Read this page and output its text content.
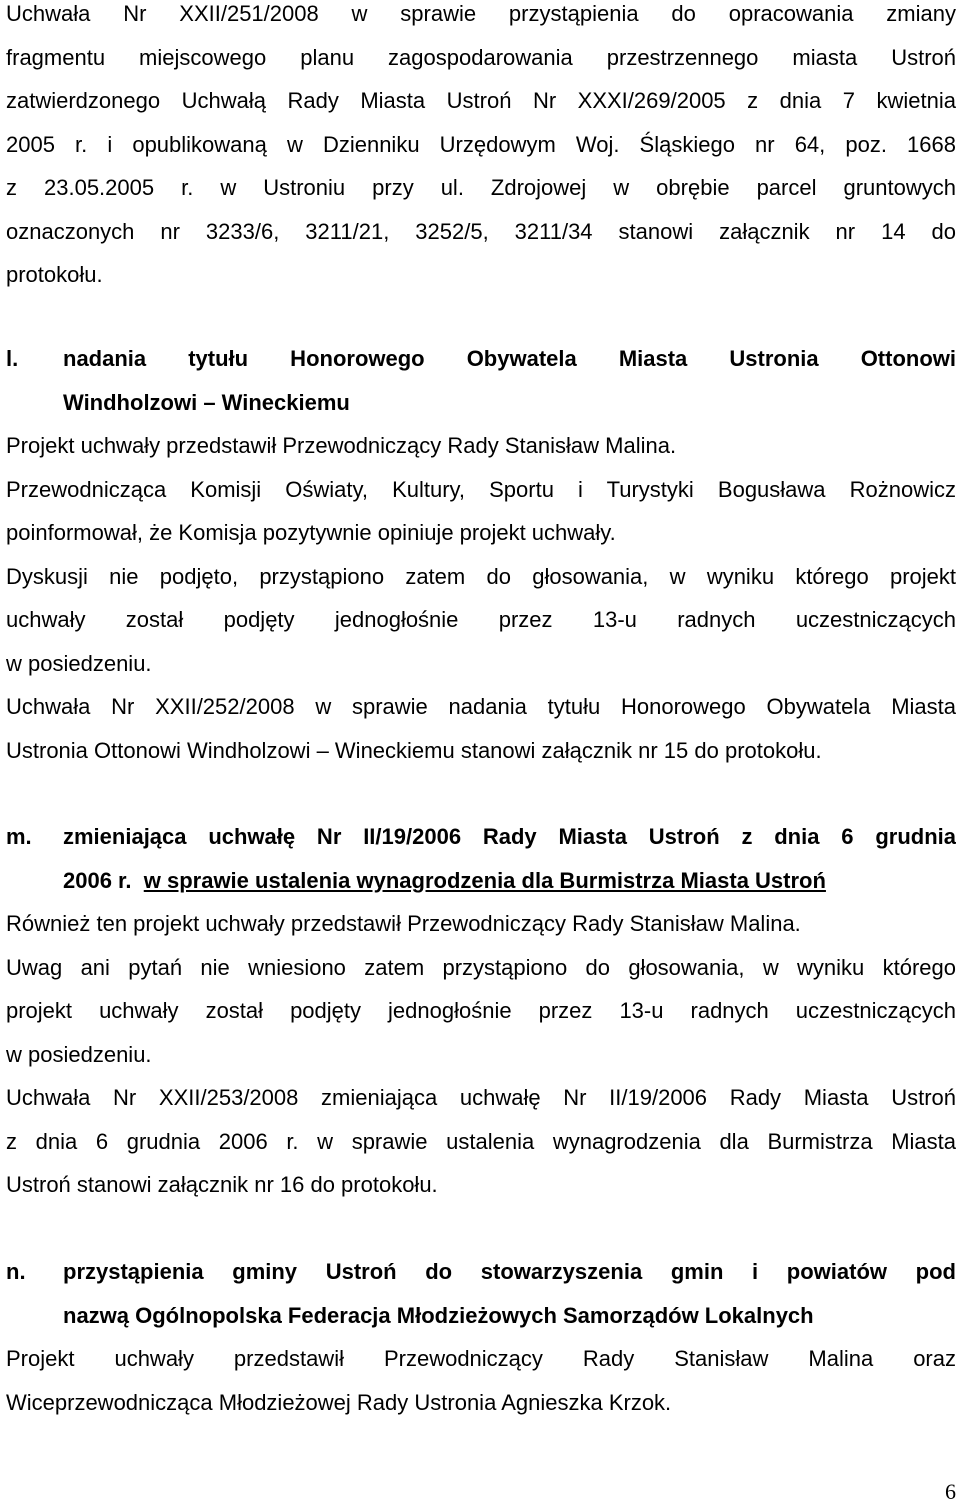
Uchwała Nr XXII/251/2008 w sprawie przystąpienia do opracowania zmiany
fragmentu miejscowego planu zagospodarowania przestrzennego miasta Ustroń
zatwierdzonego Uchwałą Rady Miasta Ustroń Nr XXXI/269/2005 z dnia 7 kwietnia
2005 r. i opublikowaną w Dzienniku Urzędowym Woj. Śląskiego nr 64, poz. 1668
z 23.05.2005 r. w Ustroniu przy ul. Zdrojowej w obrębie parcel gruntowych
oznaczonych nr 3233/6, 3211/21, 3252/5, 3211/34 stanowi załącznik nr 14 do
protokołu.
l.	nadania tytułu Honorowego Obywatela Miasta Ustronia Ottonowi
Windholzowi – Wineckiemu
Projekt uchwały przedstawił Przewodniczący Rady Stanisław Malina.
Przewodnicząca Komisji Oświaty, Kultury, Sportu i Turystyki Bogusława Rożnowicz
poinformował, że Komisja pozytywnie opiniuje projekt uchwały.
Dyskusji nie podjęto, przystąpiono zatem do głosowania, w wyniku którego projekt
uchwały został podjęty jednogłośnie przez 13-u radnych uczestniczących
w posiedzeniu.
Uchwała Nr XXII/252/2008 w sprawie nadania tytułu Honorowego Obywatela Miasta
Ustronia Ottonowi Windholzowi – Wineckiemu stanowi załącznik nr 15 do protokołu.
m.	zmieniająca uchwałę Nr II/19/2006 Rady Miasta Ustroń z dnia 6 grudnia
2006 r. w sprawie ustalenia wynagrodzenia dla Burmistrza Miasta Ustroń
Również ten projekt uchwały przedstawił Przewodniczący Rady Stanisław Malina.
Uwag ani pytań nie wniesiono zatem przystąpiono do głosowania, w wyniku którego
projekt uchwały został podjęty jednogłośnie przez 13-u radnych uczestniczących
w posiedzeniu.
Uchwała Nr XXII/253/2008 zmieniająca uchwałę Nr II/19/2006 Rady Miasta Ustroń
z dnia 6 grudnia 2006 r. w sprawie ustalenia wynagrodzenia dla Burmistrza Miasta
Ustroń stanowi załącznik nr 16 do protokołu.
n.	przystąpienia gminy Ustroń do stowarzyszenia gmin i powiatów pod
nazwą Ogólnopolska Federacja Młodzieżowych Samorządów Lokalnych
Projekt uchwały przedstawił Przewodniczący Rady Stanisław Malina oraz
Wiceprzewodnicząca Młodzieżowej Rady Ustronia Agnieszka Krzok.
6
